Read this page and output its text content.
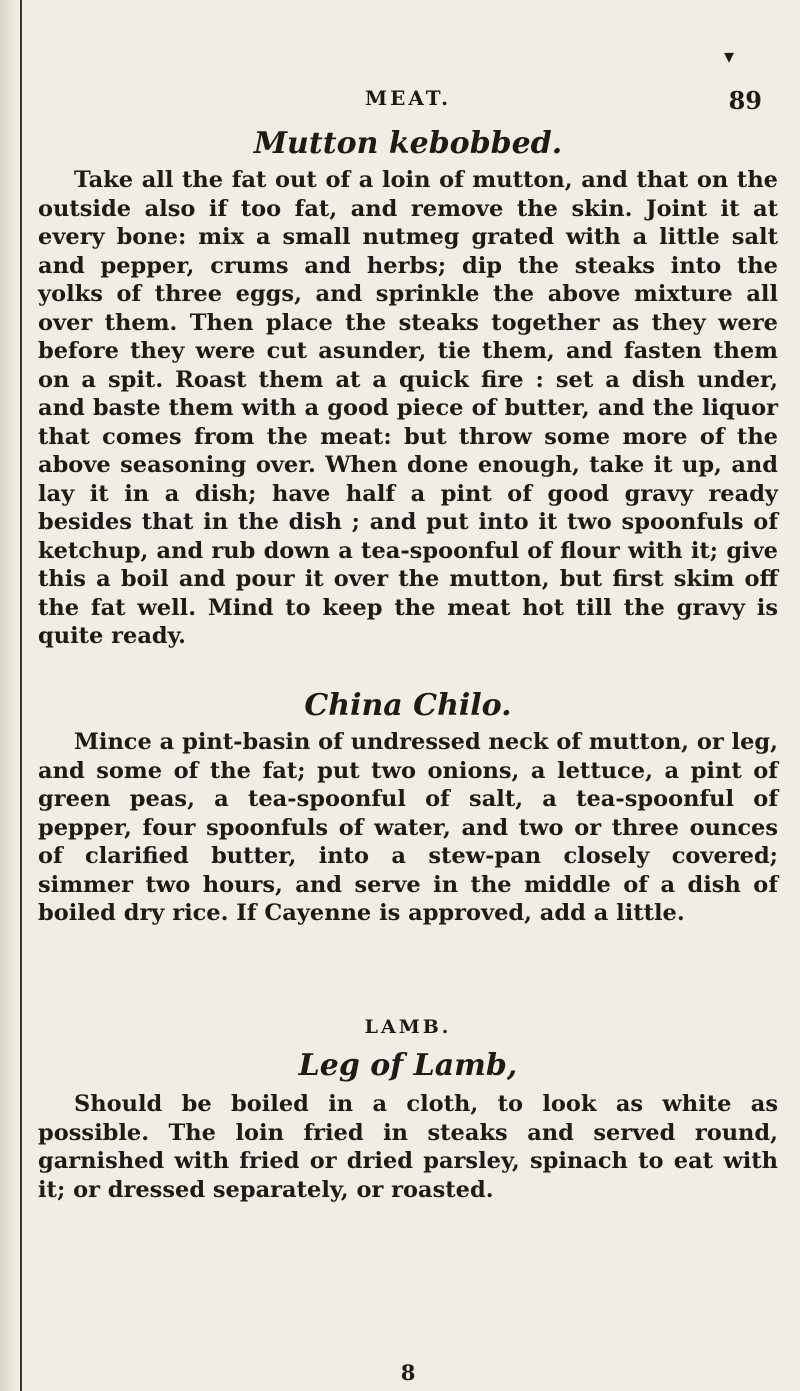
▾
MEAT.	89
Mutton kebobbed.

Take all the fat out of a loin of mutton, and that on the outside also if too fat, and remove the skin. Joint it at every bone: mix a small nutmeg grated with a little salt and pepper, crums and herbs; dip the steaks into the yolks of three eggs, and sprinkle the above mixture all over them. Then place the steaks together as they were before they were cut asunder, tie them, and fasten them on a spit. Roast them at a quick fire : set a dish under, and baste them with a good piece of butter, and the liquor that comes from the meat: but throw some more of the above seasoning over. When done enough, take it up, and lay it in a dish; have half a pint of good gravy ready besides that in the dish ; and put into it two spoonfuls of ketchup, and rub down a tea-spoonful of flour with it; give this a boil and pour it over the mutton, but first skim off the fat well. Mind to keep the meat hot till the gravy is quite ready.

China Chilo.

Mince a pint-basin of undressed neck of mutton, or leg, and some of the fat; put two onions, a lettuce, a pint of green peas, a tea-spoonful of salt, a tea-spoonful of pepper, four spoonfuls of water, and two or three ounces of clarified butter, into a stew-pan closely covered; simmer two hours, and serve in the middle of a dish of boiled dry rice. If Cayenne is approved, add a little.

LAMB.
Leg of Lamb,

Should be boiled in a cloth, to look as white as possible. The loin fried in steaks and served round, garnished with fried or dried parsley, spinach to eat with it; or dressed separately, or roasted.

8
